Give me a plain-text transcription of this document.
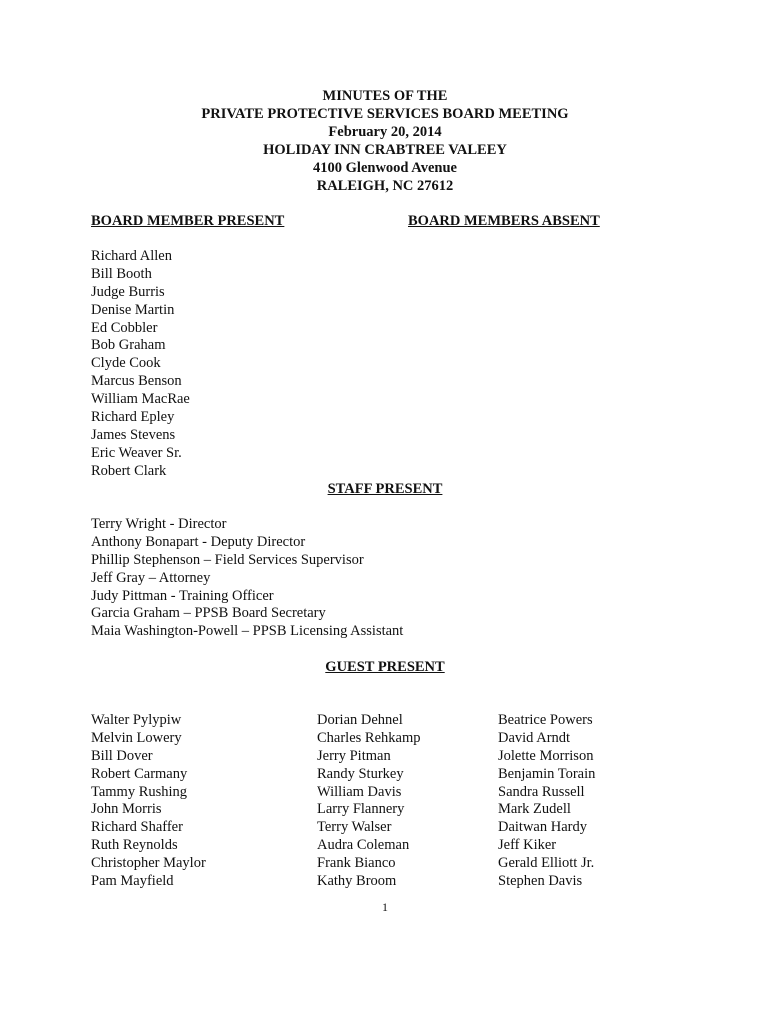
MINUTES OF THE
PRIVATE PROTECTIVE SERVICES BOARD MEETING
February 20, 2014
HOLIDAY INN CRABTREE VALEEY
4100 Glenwood Avenue
RALEIGH, NC 27612
BOARD MEMBER PRESENT	BOARD MEMBERS ABSENT
Richard Allen
Bill Booth
Judge Burris
Denise Martin
Ed Cobbler
Bob Graham
Clyde Cook
Marcus Benson
William MacRae
Richard Epley
James Stevens
Eric Weaver Sr.
Robert Clark
STAFF PRESENT
Terry Wright - Director
Anthony Bonapart - Deputy Director
Phillip Stephenson – Field Services Supervisor
Jeff Gray – Attorney
Judy Pittman - Training Officer
Garcia Graham – PPSB Board Secretary
Maia Washington-Powell – PPSB Licensing Assistant
GUEST PRESENT
Walter Pylypiw
Melvin Lowery
Bill Dover
Robert Carmany
Tammy Rushing
John Morris
Richard Shaffer
Ruth Reynolds
Christopher Maylor
Pam Mayfield
Dorian Dehnel
Charles Rehkamp
Jerry Pitman
Randy Sturkey
William Davis
Larry Flannery
Terry Walser
Audra Coleman
Frank Bianco
Kathy Broom
Beatrice Powers
David Arndt
Jolette Morrison
Benjamin Torain
Sandra Russell
Mark Zudell
Daitwan Hardy
Jeff Kiker
Gerald Elliott Jr.
Stephen Davis
1
